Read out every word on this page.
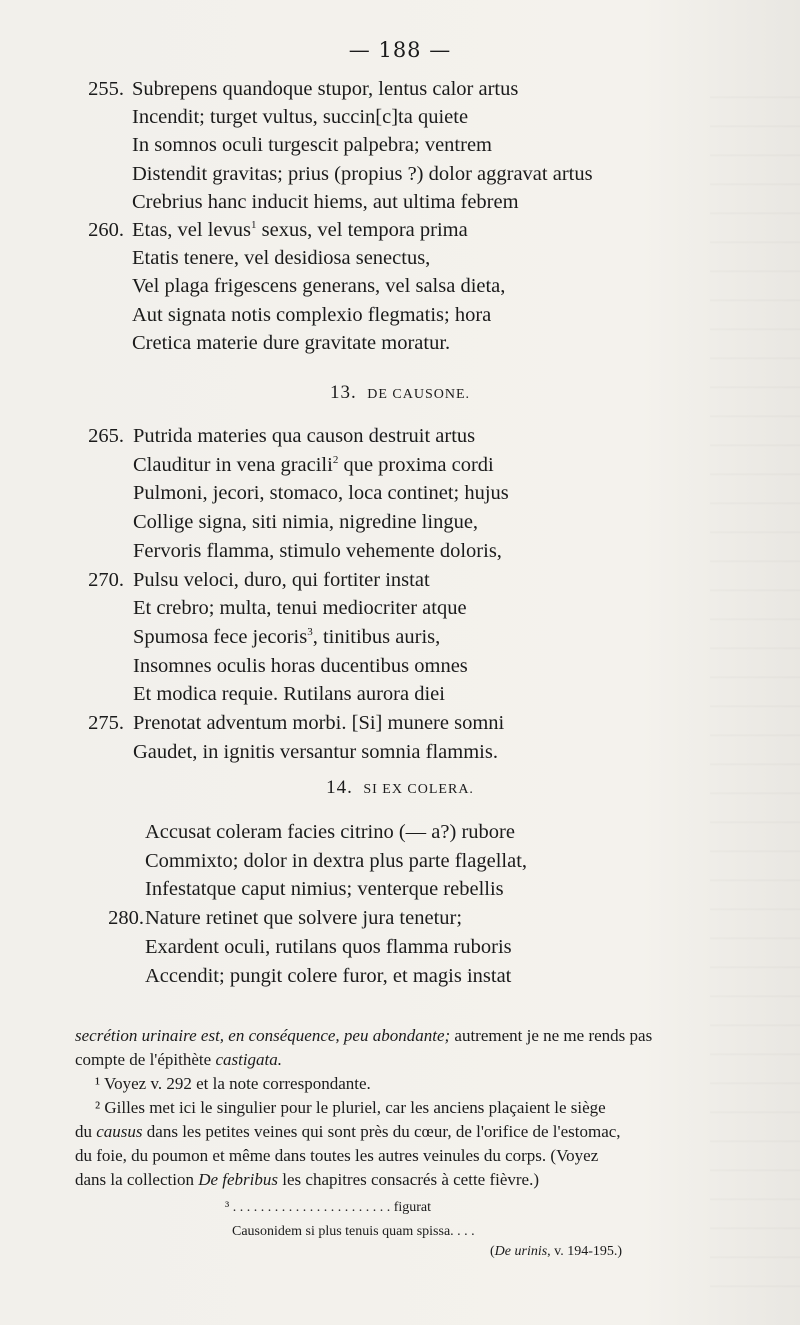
— 188 —
255. Subrepens quandoque stupor, lentus calor artus
Incendit; turget vultus, succin[c]ta quiete
In somnos oculi turgescit palpebra; ventrem
Distendit gravitas; prius (propius ?) dolor aggravat artus
Crebrius hanc inducit hiems, aut ultima febrem
260. Etas, vel levus$^1$ sexus, vel tempora prima
Etatis tenere, vel desidiosa senectus,
Vel plaga frigescens generans, vel salsa dieta,
Aut signata notis complexio flegmatis; hora
Cretica materie dure gravitate moratur.
13. DE CAUSONE.
265. Putrida materies qua causon destruit artus
Clauditur in vena gracili$^2$ que proxima cordi
Pulmoni, jecori, stomaco, loca continet; hujus
Collige signa, siti nimia, nigredine lingue,
Fervoris flamma, stimulo vehemente doloris,
270. Pulsu veloci, duro, qui fortiter instat
Et crebro; multa, tenui mediocriter atque
Spumosa fece jecoris$^3$, tinitibus auris,
Insomnes oculis horas ducentibus omnes
Et modica requie. Rutilans aurora diei
275. Prenotat adventum morbi. [Si] munere somni
Gaudet, in ignitis versantur somnia flammis.
14. SI EX COLERA.
Accusat coleram facies citrino (— a?) rubore
Commixto; dolor in dextra plus parte flagellat,
Infestatque caput nimius; venterque rebellis
280. Nature retinet que solvere jura tenetur;
Exardent oculi, rutilans quos flamma ruboris
Accendit; pungit colere furor, et magis instat
secrétion urinaire est, en conséquence, peu abondante; autrement je ne me rends pas
compte de l'épithète castigata.
¹ Voyez v. 292 et la note correspondante.
² Gilles met ici le singulier pour le pluriel, car les anciens plaçaient le siège
du causus dans les petites veines qui sont près du cœur, de l'orifice de l'estomac,
du foie, du poumon et même dans toutes les autres veinules du corps. (Voyez
dans la collection De febribus les chapitres consacrés à cette fièvre.)
³ . . . . . . . . . . . . . . . . . . . . . . . figurat
Causonidem si plus tenuis quam spissa. . . .
(De urinis, v. 194-195.)
